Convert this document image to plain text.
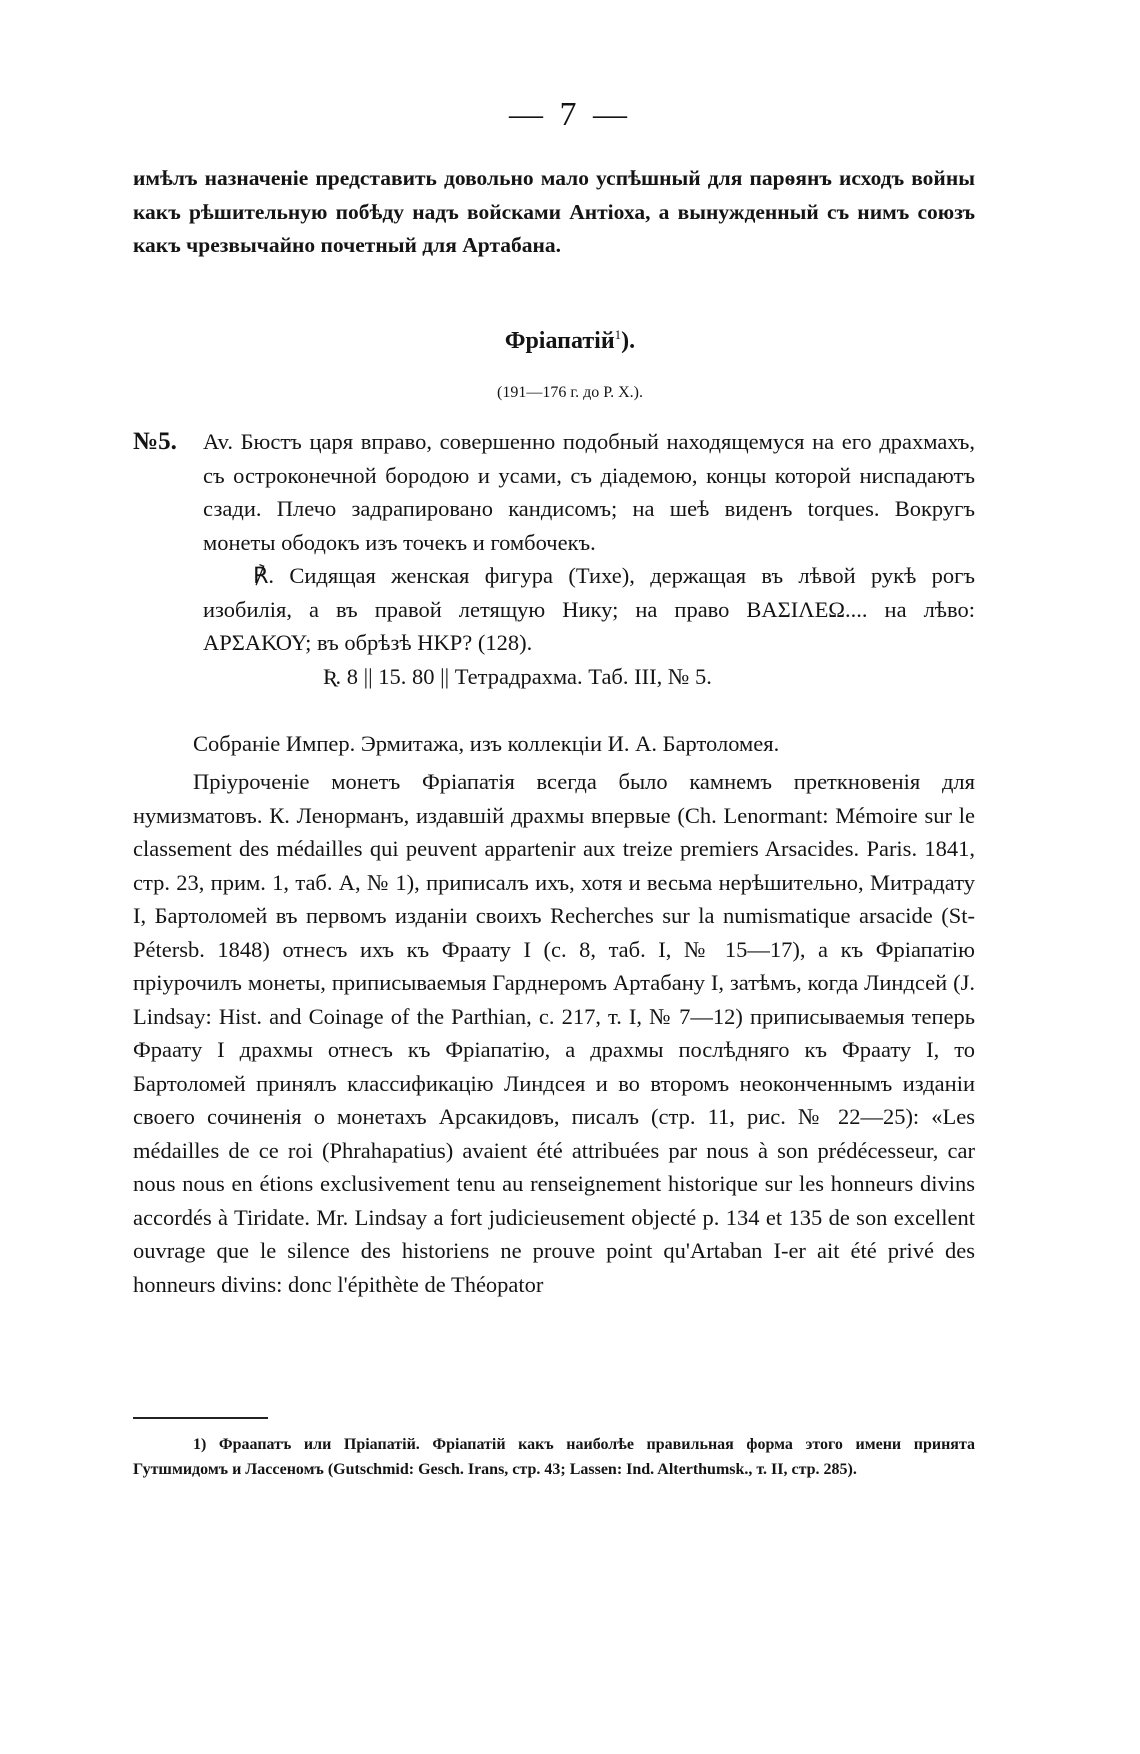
— 7 —
имѣлъ назначеніе представить довольно мало успѣшный для парѳянъ исходъ войны какъ рѣшительную побѣду надъ войсками Антіоха, а вынужденный съ нимъ союзъ какъ чрезвычайно почетный для Артабана.
Фріапатій$^1$).
(191—176 г. до Р. Х.).
№5. Av. Бюстъ царя вправо, совершенно подобный находящемуся на его драхмахъ, съ остроконечной бородою и усами, съ діадемою, концы которой ниспадаютъ сзади. Плечо задрапировано кандисомъ; на шеѣ виденъ torques. Вокругъ монеты ободокъ изъ точекъ и гомбочекъ.

℟. Сидящая женская фигура (Тихе), держащая въ лѣвой рукѣ рогъ изобилія, а въ правой летящую Нику; на право ΒΑΣΙΛΕΩ.... на лѣво: ΑΡΣΑΚΟΥ; въ обрѣзѣ ΗΚΡ? (128).

Ʀ. 8 || 15. 80 || Тетрадрахма. Таб. III, № 5.

Собраніе Импер. Эрмитажа, изъ коллекціи И. А. Бартоломея.
Пріуроченіе монетъ Фріапатія всегда было камнемъ преткновенія для нумизматовъ. К. Ленорманъ, издавшій драхмы впервые (Ch. Lenormant: Mémoire sur le classement des médailles qui peuvent appartenir aux treize premiers Arsacides. Paris. 1841, стр. 23, прим. 1, таб. А, № 1), приписалъ ихъ, хотя и весьма нерѣшительно, Митрадату I, Бартоломей въ первомъ изданіи своихъ Recherches sur la numismatique arsacide (St-Pétersb. 1848) отнесъ ихъ къ Фраату I (с. 8, таб. I, № 15—17), а къ Фріапатію пріурочилъ монеты, приписываемыя Гарднеромъ Артабану I, затѣмъ, когда Линдсей (J. Lindsay: Hist. and Coinage of the Parthian, с. 217, т. I, № 7—12) приписываемыя теперь Фраату I драхмы отнесъ къ Фріапатію, а драхмы послѣдняго къ Фраату I, то Бартоломей принялъ классификацію Линдсея и во второмъ неоконченнымъ изданіи своего сочиненія о монетахъ Арсакидовъ, писалъ (стр. 11, рис. № 22—25): «Les médailles de ce roi (Phrahapatius) avaient été attribuées par nous à son prédécesseur, car nous nous en étions exclusivement tenu au renseignement historique sur les honneurs divins accordés à Tiridate. Mr. Lindsay a fort judicieusement objecté p. 134 et 135 de son excellent ouvrage que le silence des historiens ne prouve point qu'Artaban I-er ait été privé des honneurs divins: donc l'épithète de Théopator
1) Фраапатъ или Пріапатій. Фріапатій какъ наиболѣе правильная форма этого имени принята Гутшмидомъ и Лассеномъ (Gutschmid: Gesch. Irans, стр. 43; Lassen: Ind. Alterthumsk., т. II, стр. 285).
